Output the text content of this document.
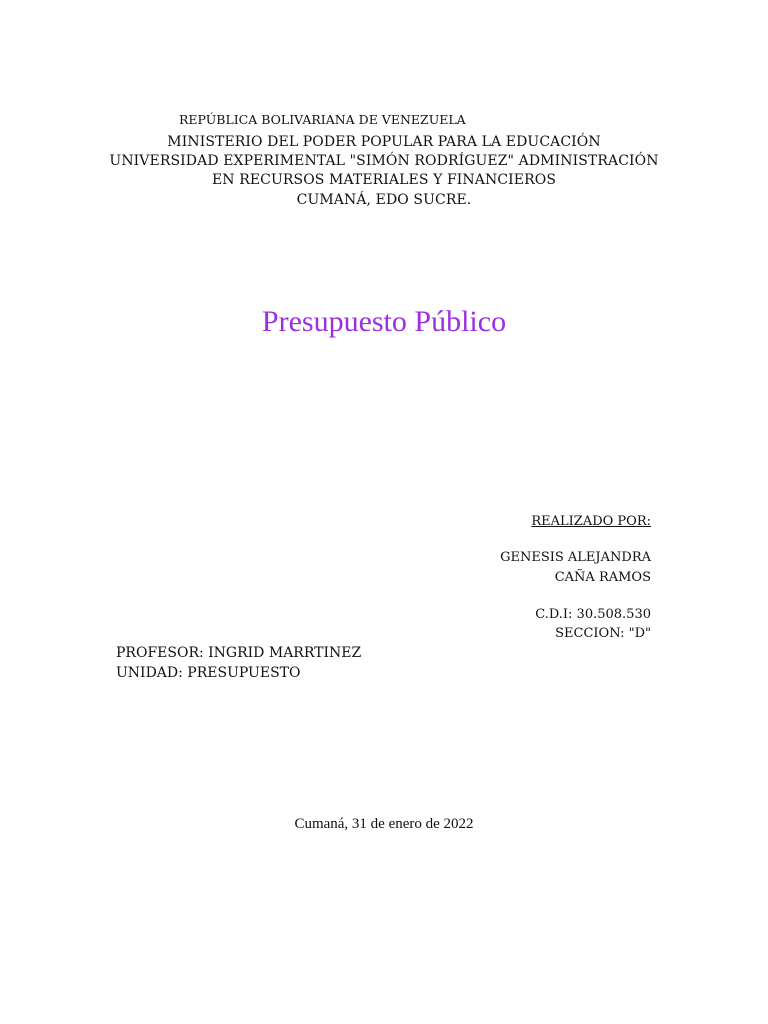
REPÚBLICA BOLIVARIANA DE VENEZUELA
MINISTERIO DEL PODER POPULAR PARA LA EDUCACIÓN
UNIVERSIDAD EXPERIMENTAL "SIMÓN RODRÍGUEZ" ADMINISTRACIÓN
EN RECURSOS MATERIALES Y FINANCIEROS
CUMANÁ, EDO SUCRE.
Presupuesto Público
REALIZADO POR:
GENESIS ALEJANDRA
CAÑA RAMOS
C.D.I: 30.508.530
SECCION: "D"
PROFESOR: INGRID MARRTINEZ
UNIDAD: PRESUPUESTO
Cumaná, 31 de enero de 2022
